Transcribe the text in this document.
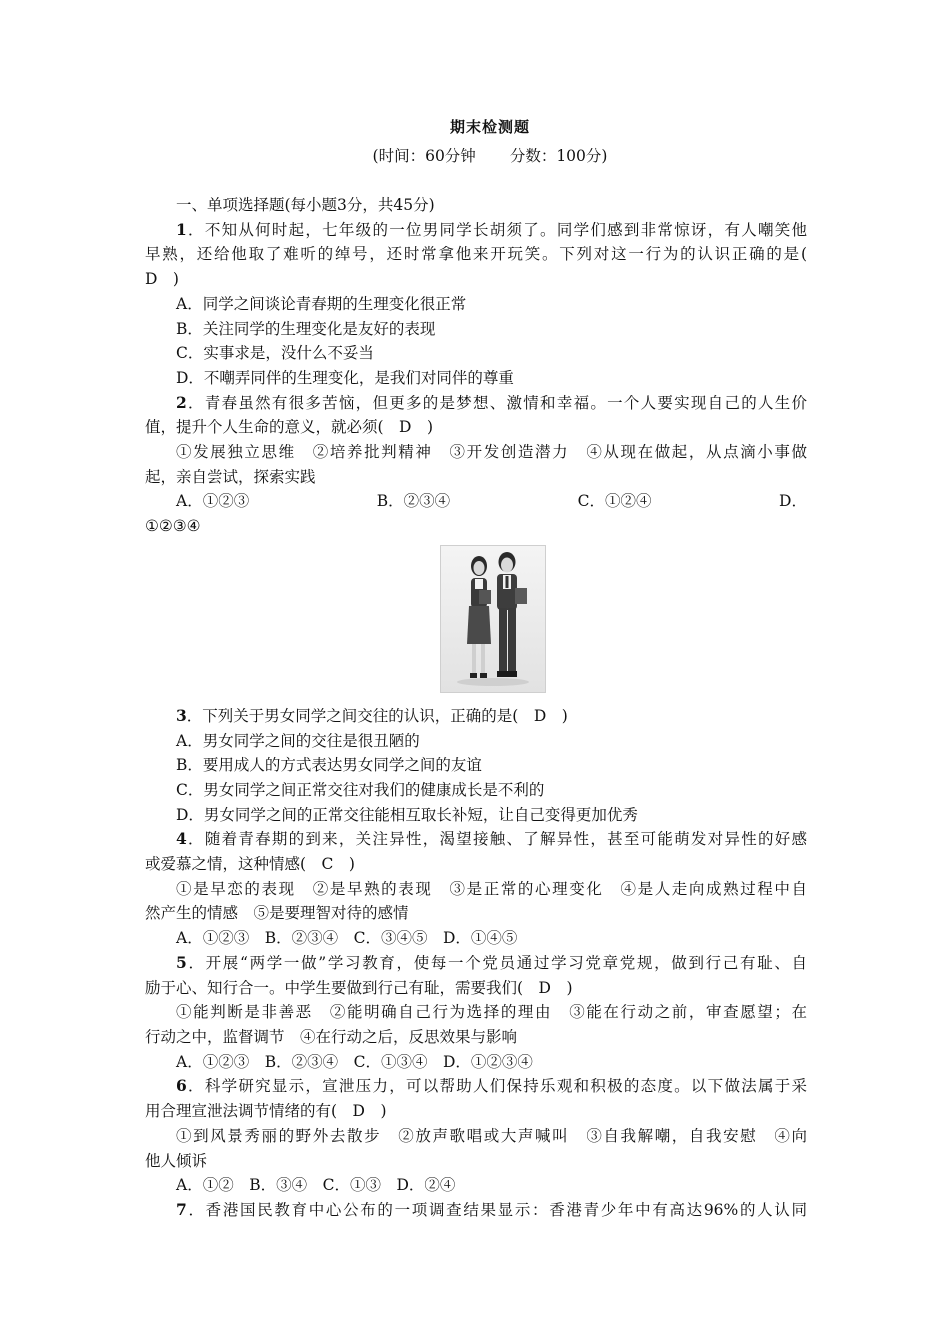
期末检测题
(时间：60分钟 分数：100分)
一、单项选择题(每小题3分，共45分)
1．不知从何时起，七年级的一位男同学长胡须了。同学们感到非常惊讶，有人嘲笑他
早熟，还给他取了难听的绰号，还时常拿他来开玩笑。下列对这一行为的认识正确的是(
D　)
A．同学之间谈论青春期的生理变化很正常
B．关注同学的生理变化是友好的表现
C．实事求是，没什么不妥当
D．不嘲弄同伴的生理变化，是我们对同伴的尊重
2．青春虽然有很多苦恼，但更多的是梦想、激情和幸福。一个人要实现自己的人生价
值，提升个人生命的意义，就必须(　D　)
①发展独立思维　②培养批判精神　③开发创造潜力　④从现在做起，从点滴小事做
起，亲自尝试，探索实践
A．①②③	B．②③④	C．①②④	D．
①②③④
3．下列关于男女同学之间交往的认识，正确的是(　D　)
A．男女同学之间的交往是很丑陋的
B．要用成人的方式表达男女同学之间的友谊
C．男女同学之间正常交往对我们的健康成长是不利的
D．男女同学之间的正常交往能相互取长补短，让自己变得更加优秀
4．随着青春期的到来，关注异性，渴望接触、了解异性，甚至可能萌发对异性的好感
或爱慕之情，这种情感(　C　)
①是早恋的表现　②是早熟的表现　③是正常的心理变化　④是人走向成熟过程中自
然产生的情感　⑤是要理智对待的感情
A．①②③　B．②③④　C．③④⑤　D．①④⑤
5．开展“两学一做”学习教育，使每一个党员通过学习党章党规，做到行己有耻、自
励于心、知行合一。中学生要做到行己有耻，需要我们(　D　)
①能判断是非善恶　②能明确自己行为选择的理由　③能在行动之前，审查愿望；在
行动之中，监督调节　④在行动之后，反思效果与影响
A．①②③　B．②③④　C．①③④　D．①②③④
6．科学研究显示，宣泄压力，可以帮助人们保持乐观和积极的态度。以下做法属于采
用合理宣泄法调节情绪的有(　D　)
①到风景秀丽的野外去散步　②放声歌唱或大声喊叫　③自我解嘲，自我安慰　④向
他人倾诉
A．①②　B．③④　C．①③　D．②④
7．香港国民教育中心公布的一项调查结果显示：香港青少年中有高达96%的人认同
